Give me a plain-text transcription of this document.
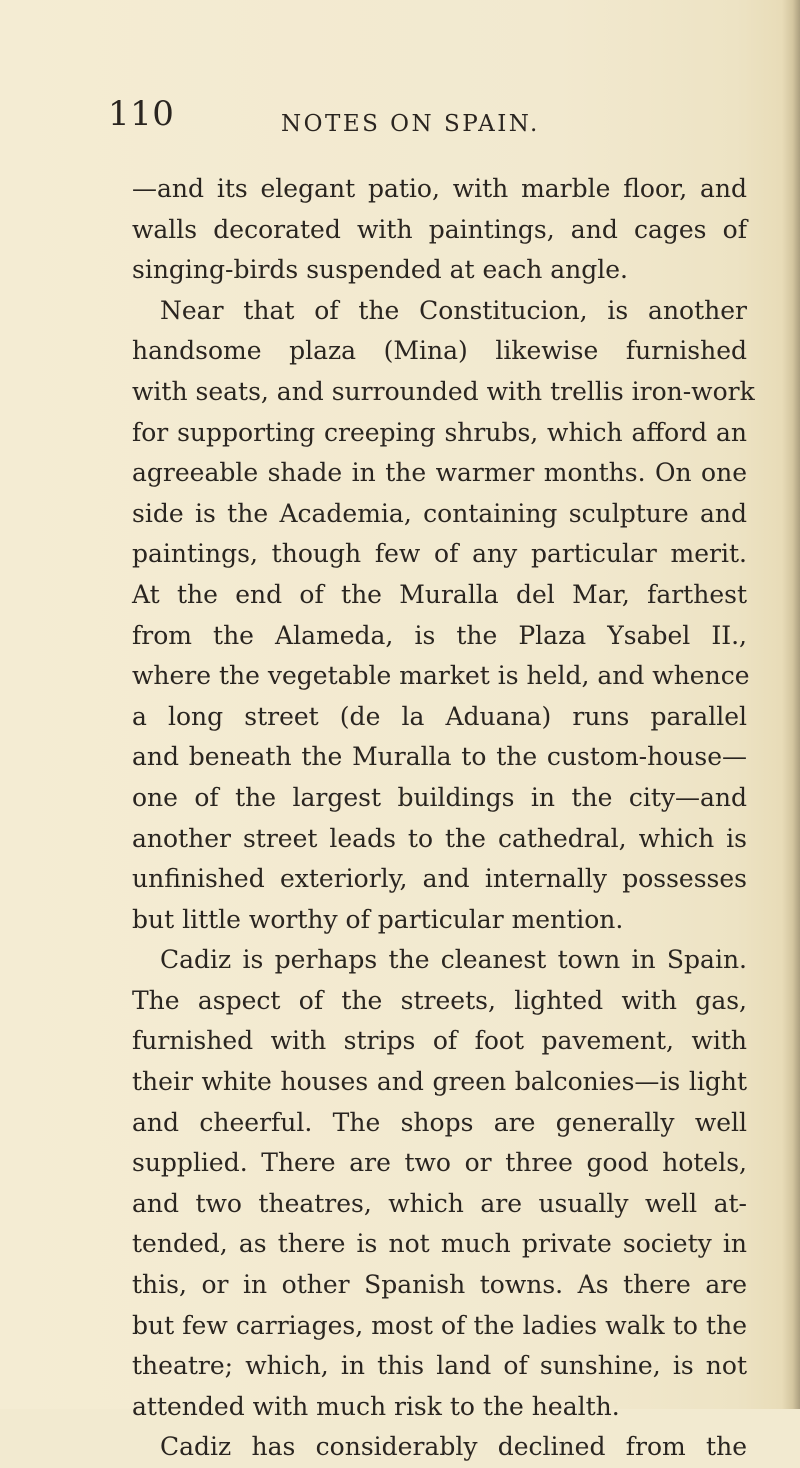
110	NOTES ON SPAIN.
—and its elegant patio, with marble floor, and
walls decorated with paintings, and cages of
singing-birds suspended at each angle.
Near that of the Constitucion, is another
handsome plaza (Mina) likewise furnished
with seats, and surrounded with trellis iron-work
for supporting creeping shrubs, which afford an
agreeable shade in the warmer months. On one
side is the Academia, containing sculpture and
paintings, though few of any particular merit.
At the end of the Muralla del Mar, farthest
from the Alameda, is the Plaza Ysabel II.,
where the vegetable market is held, and whence
a long street (de la Aduana) runs parallel
and beneath the Muralla to the custom-house—
one of the largest buildings in the city—and
another street leads to the cathedral, which is
unfinished exteriorly, and internally possesses
but little worthy of particular mention.
Cadiz is perhaps the cleanest town in Spain.
The aspect of the streets, lighted with gas,
furnished with strips of foot pavement, with
their white houses and green balconies—is light
and cheerful. The shops are generally well
supplied. There are two or three good hotels,
and two theatres, which are usually well at-
tended, as there is not much private society in
this, or in other Spanish towns. As there are
but few carriages, most of the ladies walk to the
theatre; which, in this land of sunshine, is not
attended with much risk to the health.
Cadiz has considerably declined from the
